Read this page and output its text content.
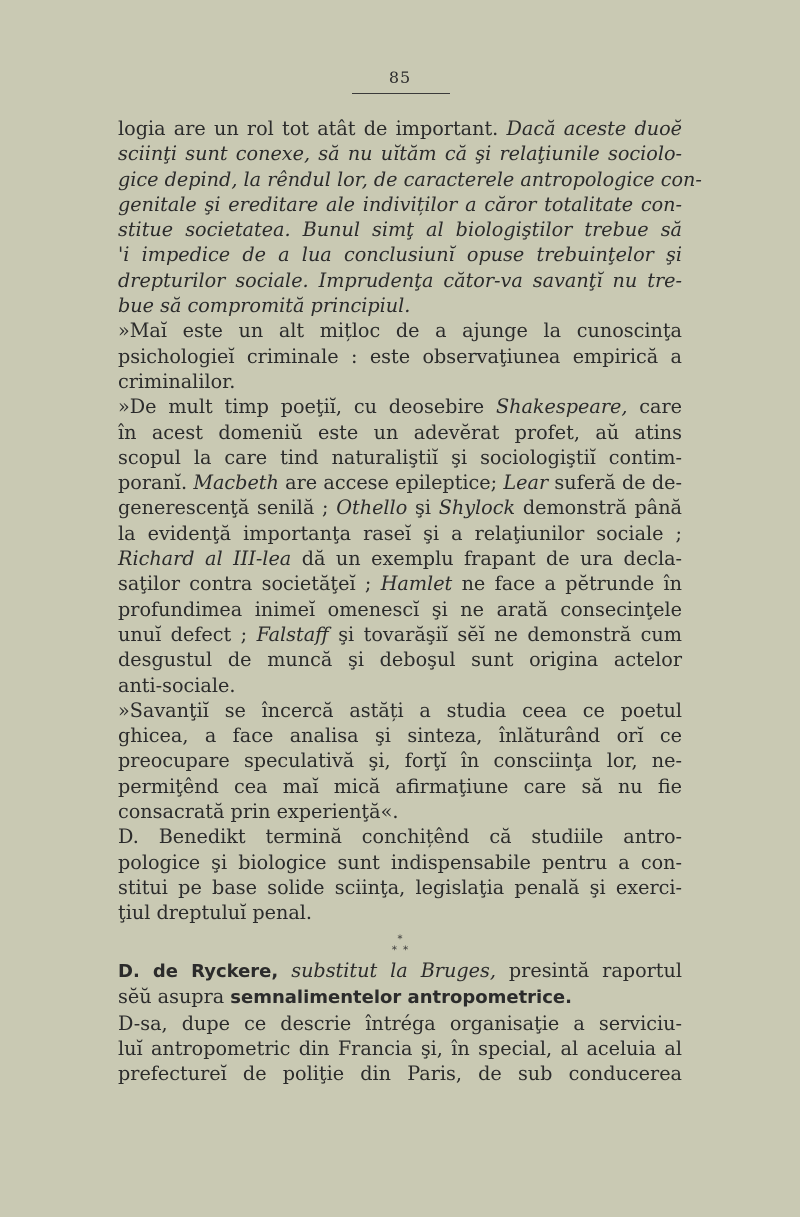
85
logia are un rol tot atât de important. Dacă aceste duoĕ
sciinţi sunt conexe, să nu uĭtăm că şi relaţiunile sociolo-
gice depind, la rêndul lor, de caracterele antropologice con-
genitale şi ereditare ale indiviților a căror totalitate con-
stitue societatea. Bunul simţ al biologiştilor trebue să
'i impedice de a lua conclusiunĭ opuse trebuinţelor şi
drepturilor sociale. Imprudenţa cător-va savanţĭ nu tre-
bue să compromită principiul.
»Maĭ este un alt mițloc de a ajunge la cunoscinţa
psichologieĭ criminale : este observaţiunea empirică a
criminalilor.
»De mult timp poeţiĭ, cu deosebire Shakespeare, care
în acest domeniŭ este un adevĕrat profet, aŭ atins
scopul la care tind naturaliştiĭ şi sociologiştiĭ contim-
poranĭ. Macbeth are accese epileptice; Lear suferă de de-
generescenţă senilă ; Othello şi Shylock demonstră până
la evidenţă importanţa raseĭ şi a relaţiunilor sociale ;
Richard al III-lea dă un exemplu frapant de ura decla-
saţilor contra societăţeĭ ; Hamlet ne face a pĕtrunde în
profundimea inimeĭ omenescĭ şi ne arată consecinţele
unuĭ defect ; Falstaff şi tovarăşiĭ sĕĭ ne demonstră cum
desgustul de muncă şi deboşul sunt origina actelor
anti-sociale.
»Savanţiĭ se încercă astăți a studia ceea ce poetul
ghicea, a face analisa şi sinteza, înlăturând orĭ ce
preocupare speculativă şi, forţĭ în consciinţa lor, ne-
permiţênd cea maĭ mică afirmaţiune care să nu fie
consacrată prin experienţă«.
D. Benedikt termină conchițênd că studiile antro-
pologice şi biologice sunt indispensabile pentru a con-
stitui pe base solide sciinţa, legislaţia penală şi exerci-
ţiul dreptuluĭ penal.
*
*  *
D. de Ryckere, substitut la Bruges, presintă raportul
sĕŭ asupra semnalimentelor antropometrice.
D-sa, dupe ce descrie întrégа organisaţie a serviciu-
luĭ antropometric din Francia şi, în special, al aceluia al
prefectureĭ de poliţie din Paris, de sub conducerea
